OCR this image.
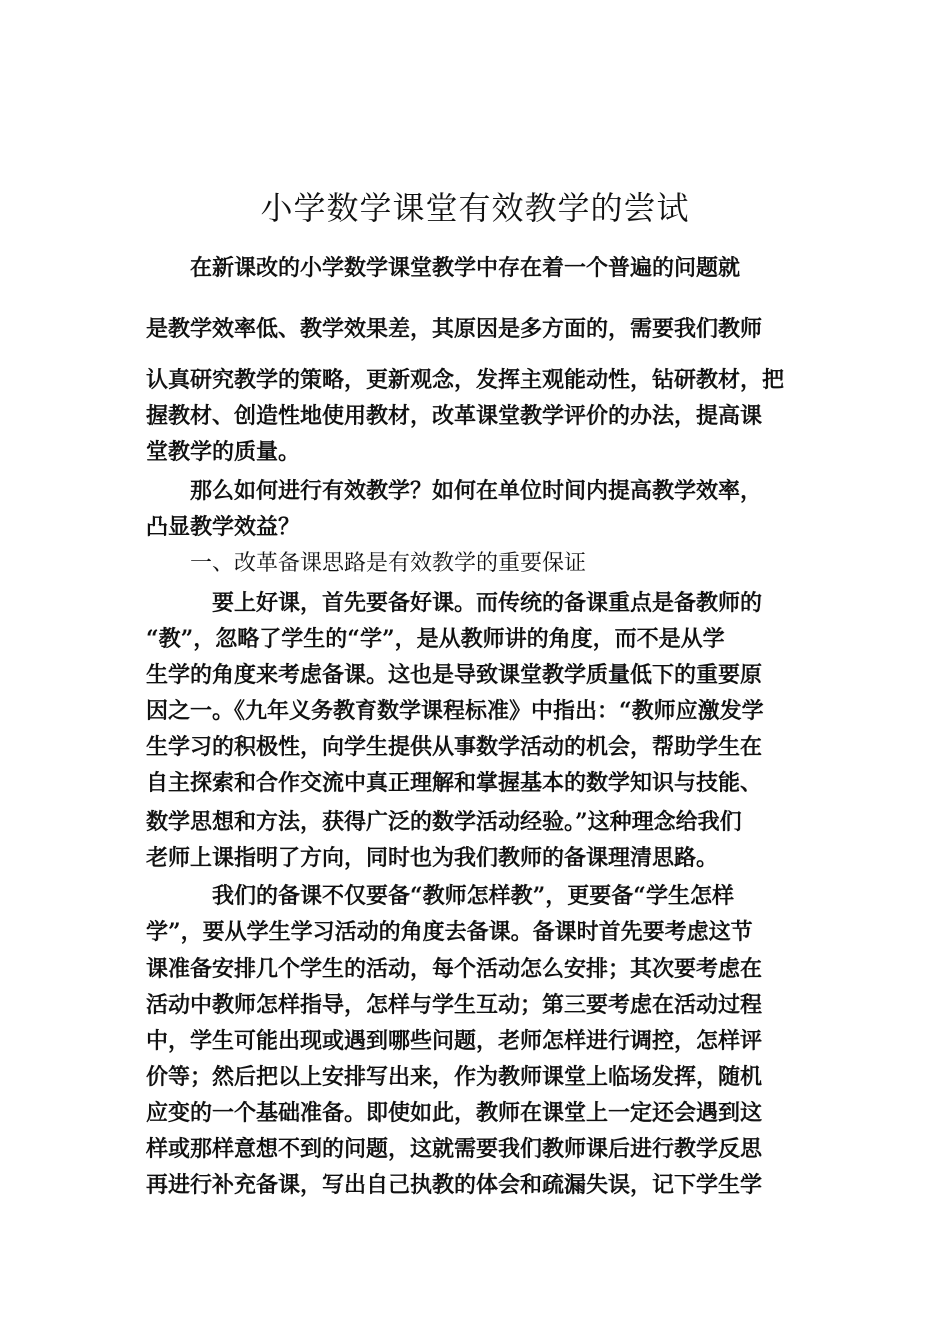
小学数学课堂有效教学的尝试

　　在新课改的小学数学课堂教学中存在着一个普遍的问题就

是教学效率低、教学效果差，其原因是多方面的，需要我们教师

认真研究教学的策略，更新观念，发挥主观能动性，钻研教材，把

握教材、创造性地使用教材，改革课堂教学评价的办法，提高课

堂教学的质量。

　　那么如何进行有效教学？如何在单位时间内提高教学效率，

凸显教学效益？

　　一、改革备课思路是有效教学的重要保证

　　　要上好课，首先要备好课。而传统的备课重点是备教师的

“教”，忽略了学生的“学”，是从教师讲的角度，而不是从学

生学的角度来考虑备课。这也是导致课堂教学质量低下的重要原

因之一。《九年义务教育数学课程标准》中指出：“教师应激发学

生学习的积极性，向学生提供从事数学活动的机会，帮助学生在

自主探索和合作交流中真正理解和掌握基本的数学知识与技能、

数学思想和方法，获得广泛的数学活动经验。”这种理念给我们

老师上课指明了方向，同时也为我们教师的备课理清思路。

　　　我们的备课不仅要备“教师怎样教”，更要备“学生怎样

学”，要从学生学习活动的角度去备课。备课时首先要考虑这节

课准备安排几个学生的活动，每个活动怎么安排；其次要考虑在

活动中教师怎样指导，怎样与学生互动；第三要考虑在活动过程

中，学生可能出现或遇到哪些问题，老师怎样进行调控，怎样评

价等；然后把以上安排写出来，作为教师课堂上临场发挥，随机

应变的一个基础准备。即使如此，教师在课堂上一定还会遇到这

样或那样意想不到的问题，这就需要我们教师课后进行教学反思

再进行补充备课，写出自己执教的体会和疏漏失误，记下学生学
